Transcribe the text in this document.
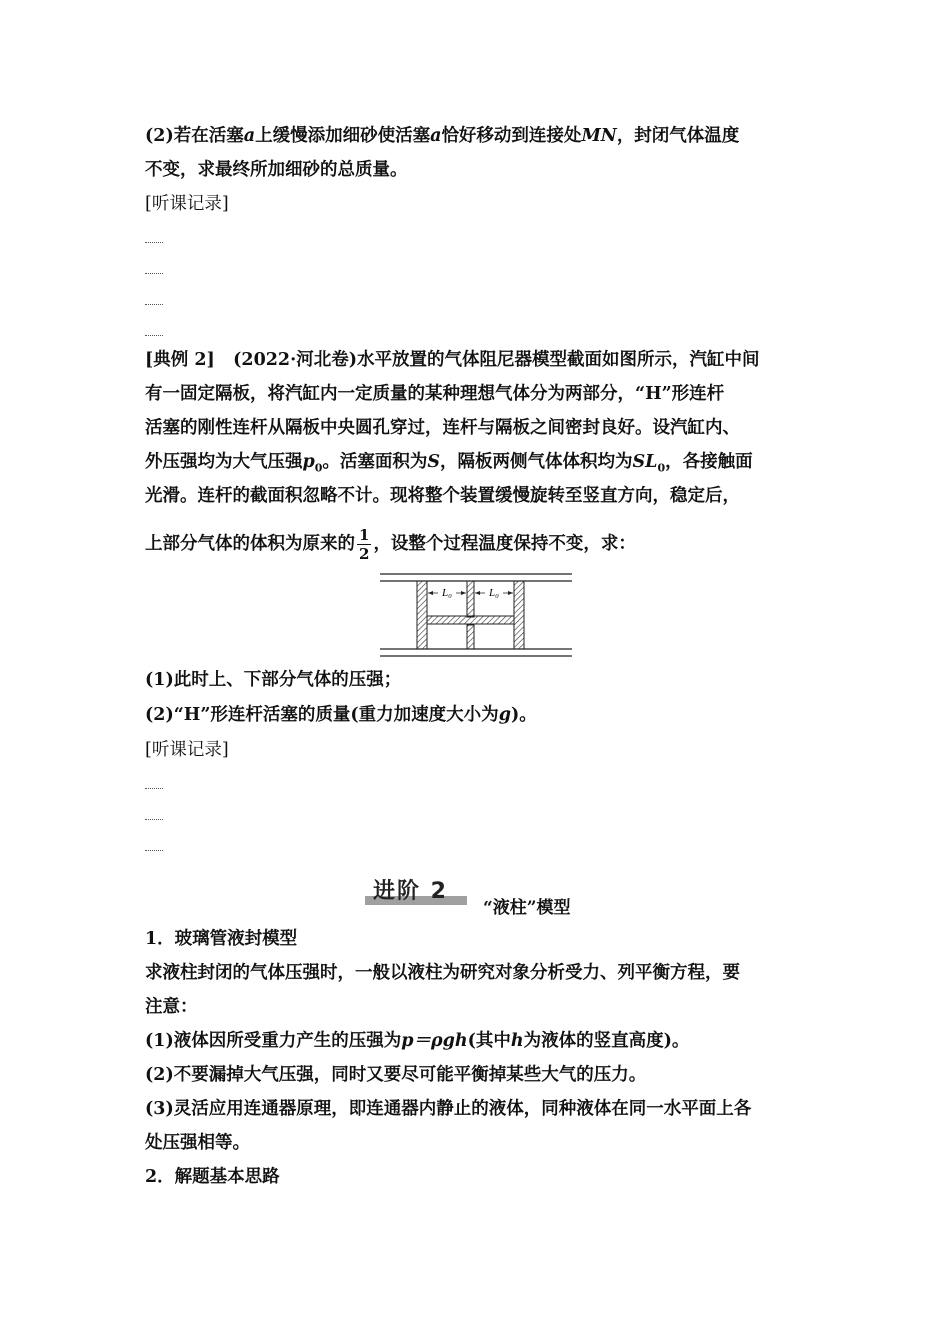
(2)若在活塞a上缓慢添加细砂使活塞a恰好移动到连接处MN，封闭气体温度
不变，求最终所加细砂的总质量。
[听课记录]
[典例 2] (2022·河北卷)水平放置的气体阻尼器模型截面如图所示，汽缸中间
有一固定隔板，将汽缸内一定质量的某种理想气体分为两部分，“H”形连杆
活塞的刚性连杆从隔板中央圆孔穿过，连杆与隔板之间密封良好。设汽缸内、
外压强均为大气压强$p_0$。活塞面积为S，隔板两侧气体体积均为$SL_0$，各接触面
光滑。连杆的截面积忽略不计。现将整个装置缓慢旋转至竖直方向，稳定后，
上部分气体的体积为原来的 $\frac{1}{2}$ ，设整个过程温度保持不变，求：
L₀	L₀
(1)此时上、下部分气体的压强；
(2)“H”形连杆活塞的质量(重力加速度大小为g)。
[听课记录]
进阶 2
“液柱”模型
1．玻璃管液封模型
求液柱封闭的气体压强时，一般以液柱为研究对象分析受力、列平衡方程，要
注意：
(1)液体因所受重力产生的压强为p＝ρgh(其中h为液体的竖直高度)。
(2)不要漏掉大气压强，同时又要尽可能平衡掉某些大气的压力。
(3)灵活应用连通器原理，即连通器内静止的液体，同种液体在同一水平面上各
处压强相等。
2．解题基本思路
